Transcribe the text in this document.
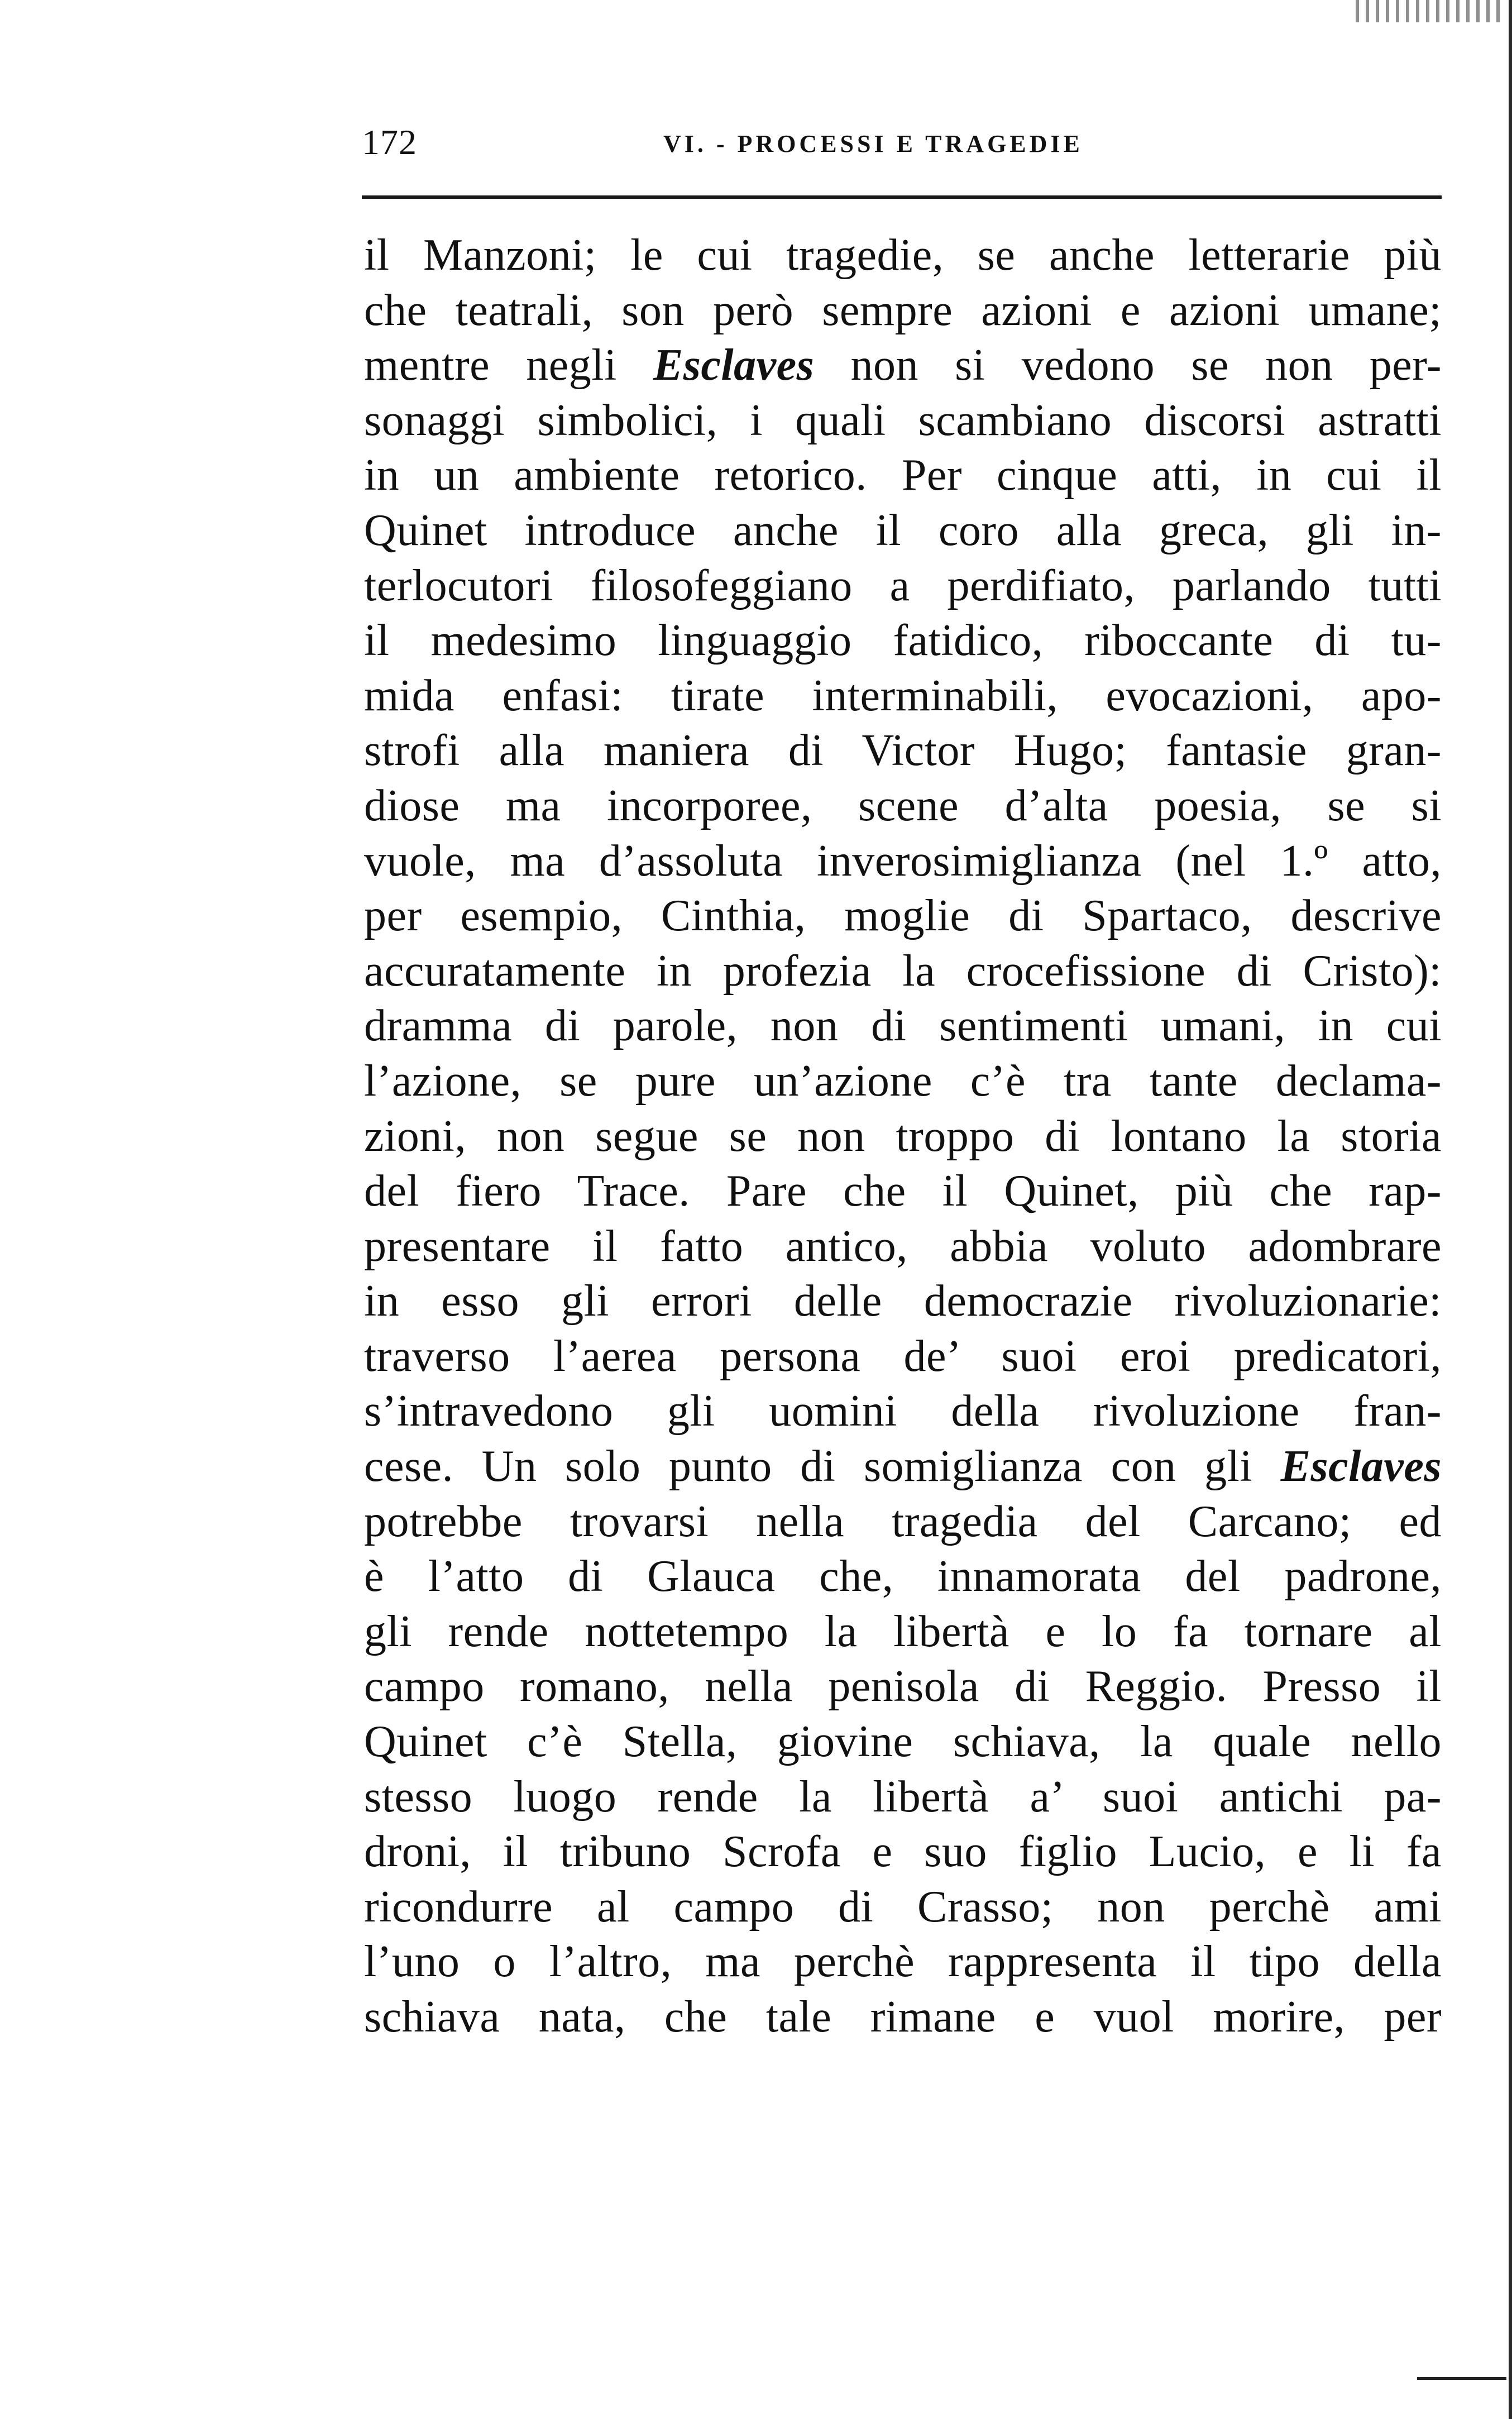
172	VI. - PROCESSI E TRAGEDIE
il Manzoni; le cui tragedie, se anche letterarie più
che teatrali, son però sempre azioni e azioni umane;
mentre negli Esclaves non si vedono se non per-
sonaggi simbolici, i quali scambiano discorsi astratti
in un ambiente retorico. Per cinque atti, in cui il
Quinet introduce anche il coro alla greca, gli in-
terlocutori filosofeggiano a perdifiato, parlando tutti
il medesimo linguaggio fatidico, riboccante di tu-
mida enfasi: tirate interminabili, evocazioni, apo-
strofi alla maniera di Victor Hugo; fantasie gran-
diose ma incorporee, scene d’alta poesia, se si
vuole, ma d’assoluta inverosimiglianza (nel 1.º atto,
per esempio, Cinthia, moglie di Spartaco, descrive
accuratamente in profezia la crocefissione di Cristo):
dramma di parole, non di sentimenti umani, in cui
l’azione, se pure un’azione c’è tra tante declama-
zioni, non segue se non troppo di lontano la storia
del fiero Trace. Pare che il Quinet, più che rap-
presentare il fatto antico, abbia voluto adombrare
in esso gli errori delle democrazie rivoluzionarie:
traverso l’aerea persona de’ suoi eroi predicatori,
s’intravedono gli uomini della rivoluzione fran-
cese. Un solo punto di somiglianza con gli Esclaves
potrebbe trovarsi nella tragedia del Carcano; ed
è l’atto di Glauca che, innamorata del padrone,
gli rende nottetempo la libertà e lo fa tornare al
campo romano, nella penisola di Reggio. Presso il
Quinet c’è Stella, giovine schiava, la quale nello
stesso luogo rende la libertà a’ suoi antichi pa-
droni, il tribuno Scrofa e suo figlio Lucio, e li fa
ricondurre al campo di Crasso; non perchè ami
l’uno o l’altro, ma perchè rappresenta il tipo della
schiava nata, che tale rimane e vuol morire, per
